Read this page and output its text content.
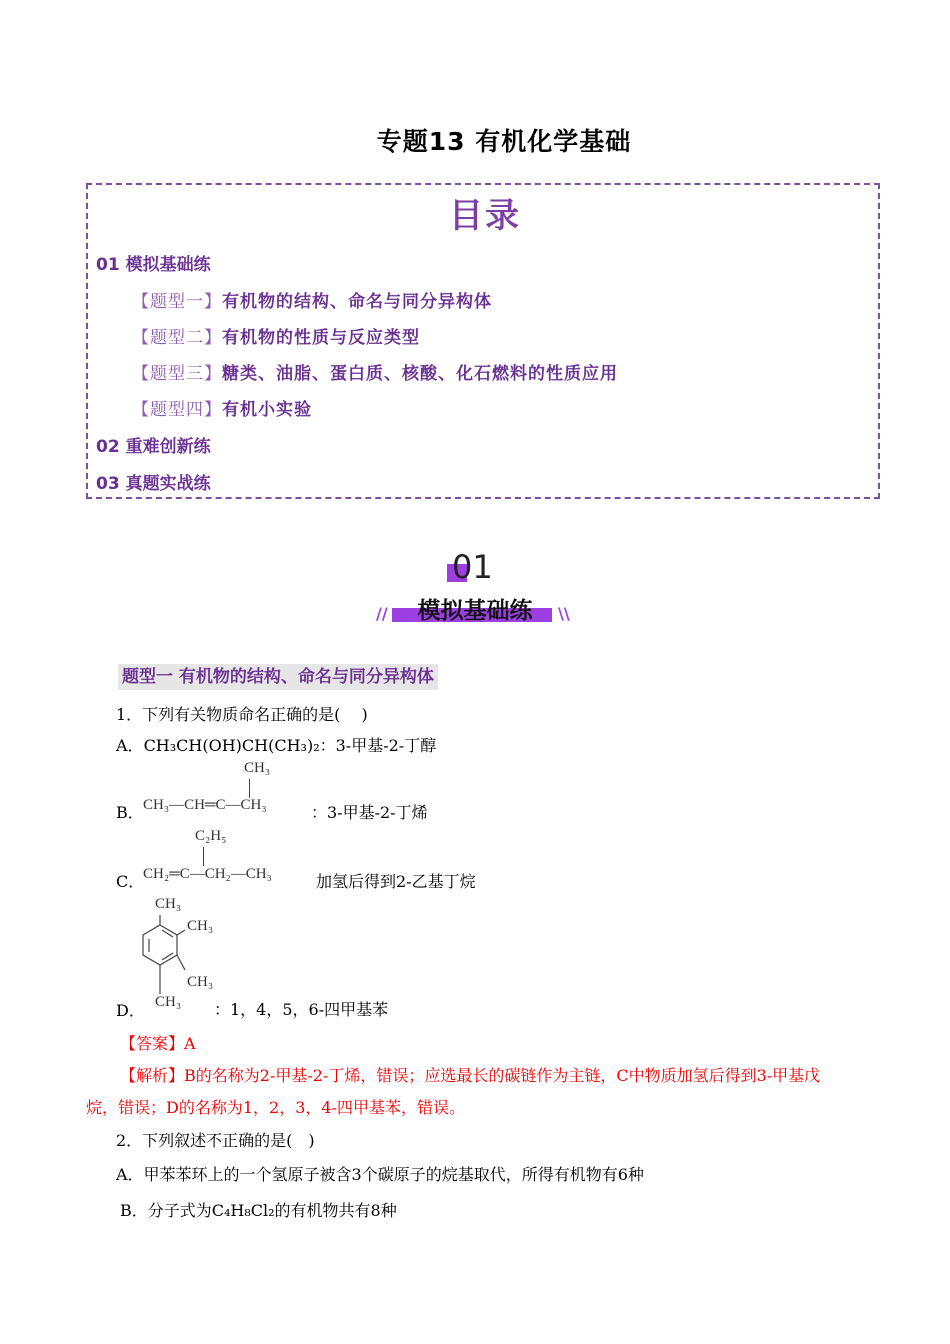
专题13 有机化学基础
目录
01 模拟基础练
【题型一】有机物的结构、命名与同分异构体
【题型二】有机物的性质与反应类型
【题型三】糖类、油脂、蛋白质、核酸、化石燃料的性质应用
【题型四】有机小实验
02 重难创新练
03 真题实战练
01
模拟基础练
//	\\
题型一 有机物的结构、命名与同分异构体
1．下列有关物质命名正确的是(　 )
A．CH₃CH(OH)CH(CH₃)₂：3-甲基-2-丁醇
CH₃
B． CH₃—CH═C—CH₃	：3-甲基-2-丁烯
C₂H₅
C．
CH₂═C—CH₂—CH₃	加氢后得到2-乙基丁烷
CH₃
CH₃
CH₃
CH₃
D．	：1，4，5，6-四甲基苯
【答案】A
【解析】B的名称为2-甲基-2-丁烯，错误；应选最长的碳链作为主链，C中物质加氢后得到3-甲基戊
烷，错误；D的名称为1，2，3，4-四甲基苯，错误。
2．下列叙述不正确的是(　)
A．甲苯苯环上的一个氢原子被含3个碳原子的烷基取代，所得有机物有6种
B．分子式为C₄H₈Cl₂的有机物共有8种
